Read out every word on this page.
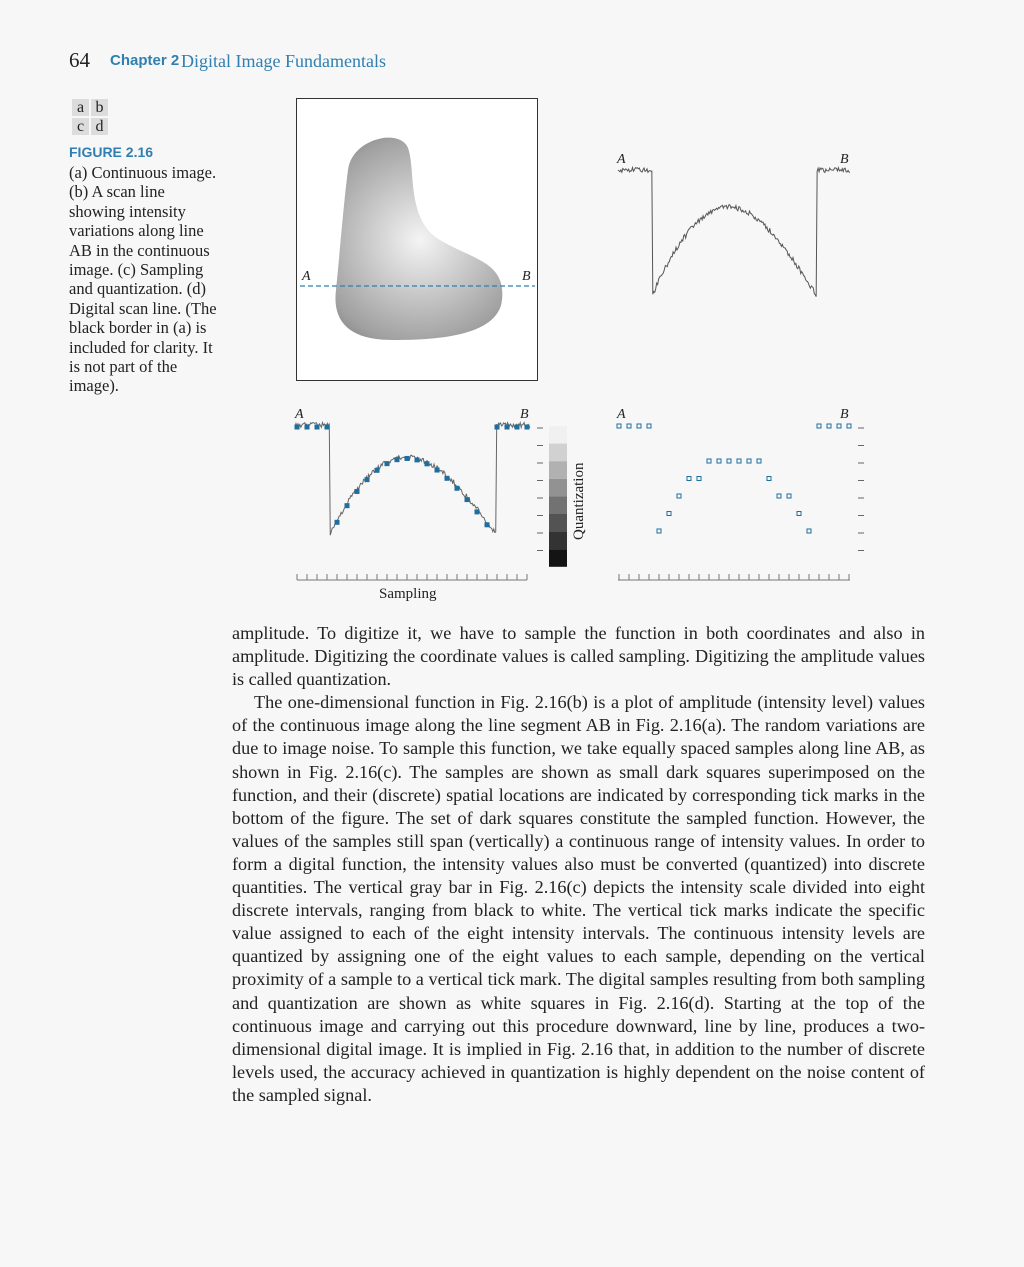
64 Chapter 2 Digital Image Fundamentals
a b
c d
FIGURE 2.16
(a) Continuous image. (b) A scan line showing intensity variations along line AB in the continuous image. (c) Sampling and quantization. (d) Digital scan line. (The black border in (a) is included for clarity. It is not part of the image).
A	B
A	B
A	B
Sampling
Quantization
A	B

amplitude. To digitize it, we have to sample the function in both coordinates and also in amplitude. Digitizing the coordinate values is called sampling. Digitizing the amplitude values is called quantization.

The one-dimensional function in Fig. 2.16(b) is a plot of amplitude (intensity level) values of the continuous image along the line segment AB in Fig. 2.16(a). The random variations are due to image noise. To sample this function, we take equally spaced samples along line AB, as shown in Fig. 2.16(c). The samples are shown as small dark squares superimposed on the function, and their (discrete) spatial locations are indicated by corresponding tick marks in the bottom of the figure. The set of dark squares constitute the sampled function. However, the values of the samples still span (vertically) a continuous range of intensity values. In order to form a digital function, the intensity values also must be converted (quantized) into discrete quantities. The vertical gray bar in Fig. 2.16(c) depicts the intensity scale divided into eight discrete intervals, ranging from black to white. The vertical tick marks indicate the specific value assigned to each of the eight intensity intervals. The continuous intensity levels are quantized by assigning one of the eight values to each sample, depending on the vertical proximity of a sample to a vertical tick mark. The digital samples resulting from both sampling and quantization are shown as white squares in Fig. 2.16(d). Starting at the top of the continuous image and carrying out this procedure downward, line by line, produces a two-dimensional digital image. It is implied in Fig. 2.16 that, in addition to the number of discrete levels used, the accuracy achieved in quantization is highly dependent on the noise content of the sampled signal.
